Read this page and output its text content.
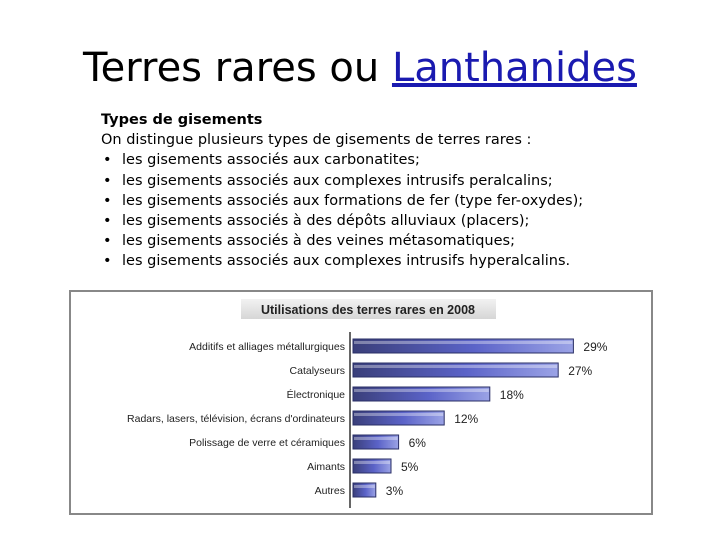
Terres rares ou Lanthanides
Types de gisements
On distingue plusieurs types de gisements de terres rares :
• les gisements associés aux carbonatites;
• les gisements associés aux complexes intrusifs peralcalins;
• les gisements associés aux formations de fer (type fer-oxydes);
• les gisements associés à des dépôts alluviaux (placers);
• les gisements associés à des veines métasomatiques;
• les gisements associés aux complexes intrusifs hyperalcalins.
Utilisations des terres rares en 2008
Additifs et alliages métallurgiques	29%
Catalyseurs	27%
Électronique	18%
Radars, lasers, télévision, écrans d'ordinateurs	12%
Polissage de verre et céramiques	6%
Aimants	5%
Autres	3%
